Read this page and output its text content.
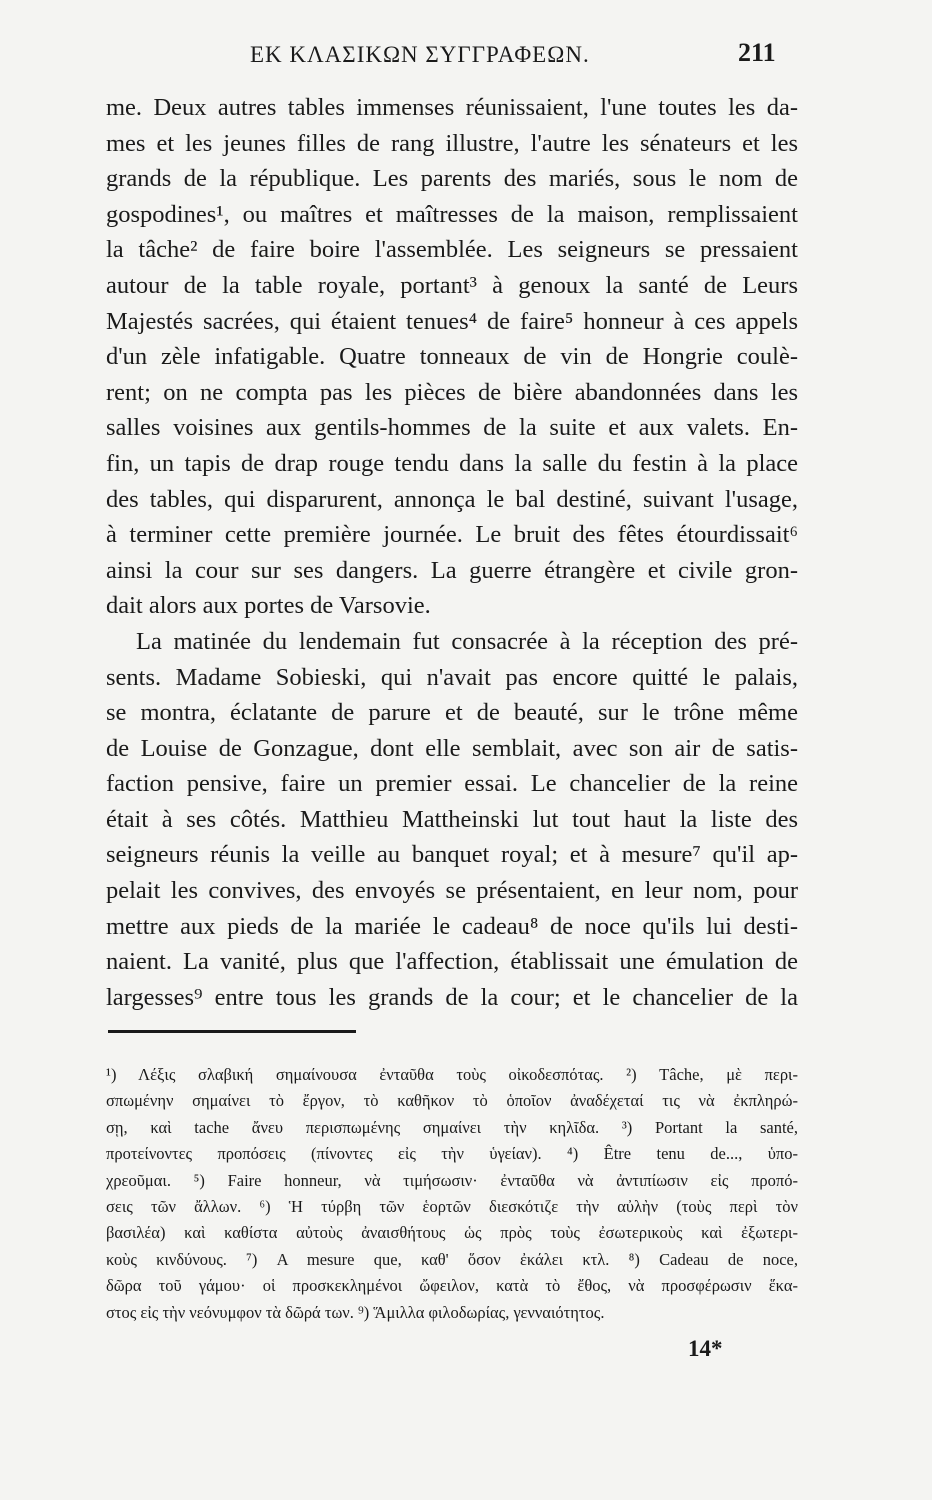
ΕΚ ΚΛΑΣΙΚΩΝ ΣΥΓΓΡΑΦΕΩΝ.	211
me. Deux autres tables immenses réunissaient, l'une toutes les da-
mes et les jeunes filles de rang illustre, l'autre les sénateurs et les
grands de la république. Les parents des mariés, sous le nom de
gospodines¹, ou maîtres et maîtresses de la maison, remplissaient
la tâche² de faire boire l'assemblée. Les seigneurs se pressaient
autour de la table royale, portant³ à genoux la santé de Leurs
Majestés sacrées, qui étaient tenues⁴ de faire⁵ honneur à ces appels
d'un zèle infatigable. Quatre tonneaux de vin de Hongrie coulè-
rent; on ne compta pas les pièces de bière abandonnées dans les
salles voisines aux gentils-hommes de la suite et aux valets. En-
fin, un tapis de drap rouge tendu dans la salle du festin à la place
des tables, qui disparurent, annonça le bal destiné, suivant l'usage,
à terminer cette première journée. Le bruit des fêtes étourdissait⁶
ainsi la cour sur ses dangers. La guerre étrangère et civile gron-
dait alors aux portes de Varsovie.
La matinée du lendemain fut consacrée à la réception des pré-
sents. Madame Sobieski, qui n'avait pas encore quitté le palais,
se montra, éclatante de parure et de beauté, sur le trône même
de Louise de Gonzague, dont elle semblait, avec son air de satis-
faction pensive, faire un premier essai. Le chancelier de la reine
était à ses côtés. Matthieu Mattheinski lut tout haut la liste des
seigneurs réunis la veille au banquet royal; et à mesure⁷ qu'il ap-
pelait les convives, des envoyés se présentaient, en leur nom, pour
mettre aux pieds de la mariée le cadeau⁸ de noce qu'ils lui desti-
naient. La vanité, plus que l'affection, établissait une émulation de
largesses⁹ entre tous les grands de la cour; et le chancelier de la
¹) Λέξις σλαβική σημαίνουσα ἐνταῦθα τοὺς οἰκοδεσπότας. ²) Tâche, μὲ περι-
σπωμένην σημαίνει τὸ ἔργον, τὸ καθῆκον τὸ ὁποῖον ἀναδέχεταί τις νὰ ἐκπληρώ-
σῃ, καὶ tache ἄνευ περισπωμένης σημαίνει τὴν κηλῖδα. ³) Portant la santé,
προτείνοντες προπόσεις (πίνοντες εἰς τὴν ὑγείαν). ⁴) Être tenu de..., ὑπο-
χρεοῦμαι. ⁵) Faire honneur, νὰ τιμήσωσιν· ἐνταῦθα νὰ ἀντιπίωσιν εἰς προπό-
σεις τῶν ἄλλων. ⁶) Ἡ τύρβη τῶν ἑορτῶν διεσκότιζε τὴν αὐλὴν (τοὺς περὶ τὸν
βασιλέα) καὶ καθίστα αὐτοὺς ἀναισθήτους ὡς πρὸς τοὺς ἐσωτερικοὺς καὶ ἐξωτερι-
κοὺς κινδύνους. ⁷) A mesure que, καθ' ὅσον ἐκάλει κτλ. ⁸) Cadeau de noce,
δῶρα τοῦ γάμου· οἱ προσκεκλημένοι ὤφειλον, κατὰ τὸ ἔθος, νὰ προσφέρωσιν ἕκα-
στος εἰς τὴν νεόνυμφον τὰ δῶρά των. ⁹) Ἅμιλλα φιλοδωρίας, γενναιότητος.
14*
